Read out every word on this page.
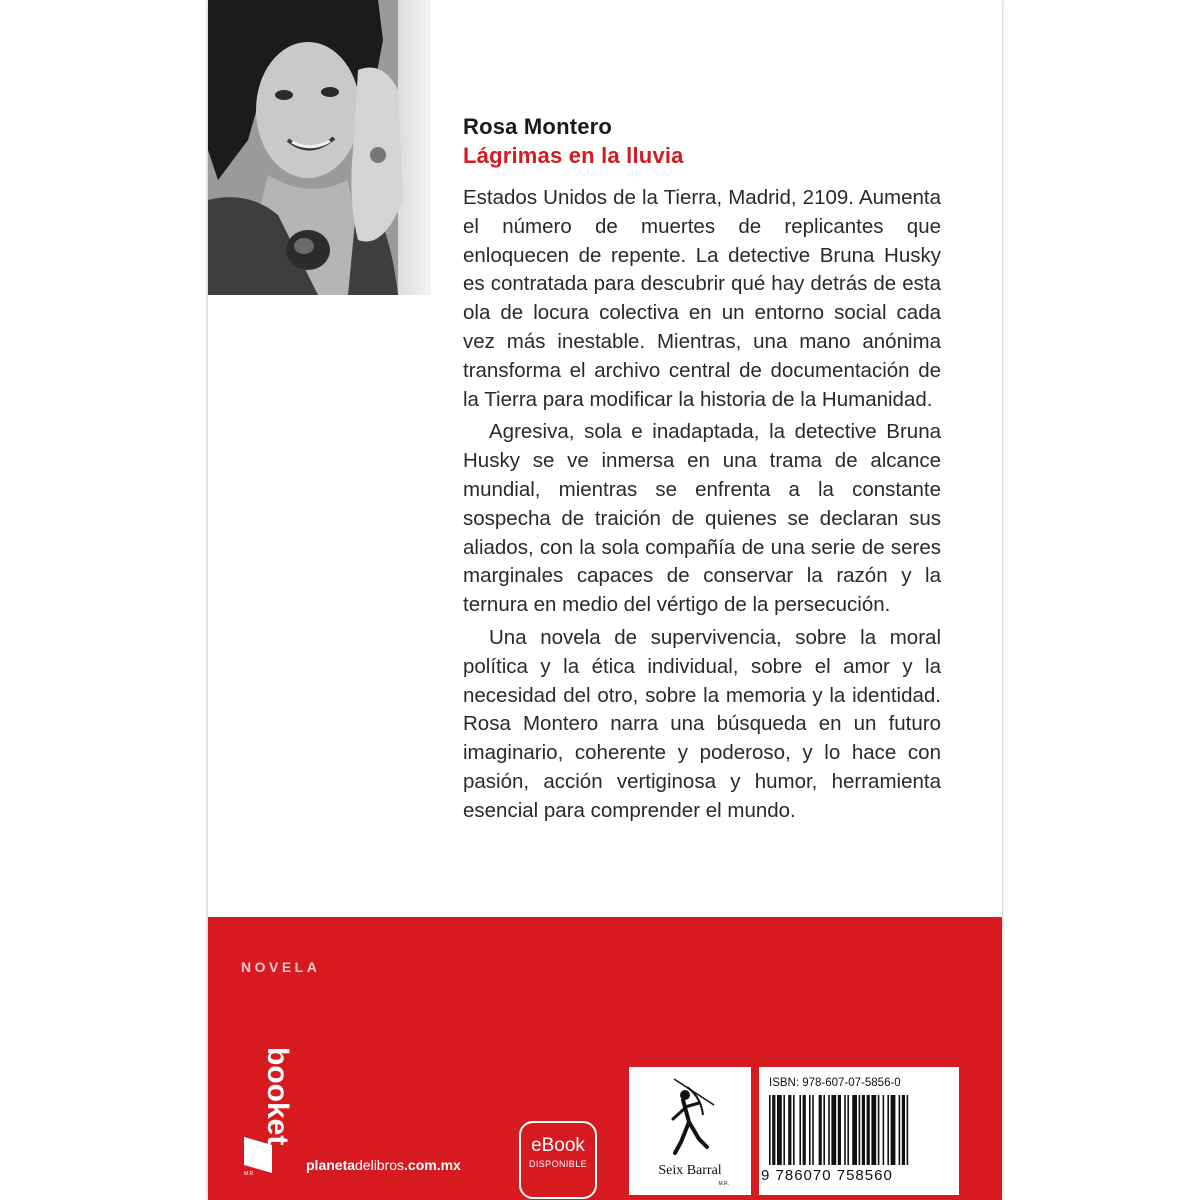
Rosa Montero
Lágrimas en la lluvia

Estados Unidos de la Tierra, Madrid, 2109. Aumenta el número de muertes de replicantes que enloquecen de repente. La detective Bruna Husky es contratada para descubrir qué hay detrás de esta ola de locura colectiva en un entorno social cada vez más inestable. Mientras, una mano anónima transforma el archivo central de documentación de la Tierra para modificar la historia de la Humanidad.

Agresiva, sola e inadaptada, la detective Bruna Husky se ve inmersa en una trama de alcance mundial, mientras se enfrenta a la constante sospecha de traición de quienes se declaran sus aliados, con la sola compañía de una serie de seres marginales capaces de conservar la razón y la ternura en medio del vértigo de la persecución.

Una novela de supervivencia, sobre la moral política y la ética individual, sobre el amor y la necesidad del otro, sobre la memoria y la identidad. Rosa Montero narra una búsqueda en un futuro imaginario, coherente y poderoso, y lo hace con pasión, acción vertiginosa y humor, herramienta esencial para comprender el mundo.

NOVELA
booket
M.R.
planetadelibros.com.mx
eBook
DISPONIBLE	Seix Barral
M.R.
ISBN: 978-607-07-5856-0
9 786070 758560
